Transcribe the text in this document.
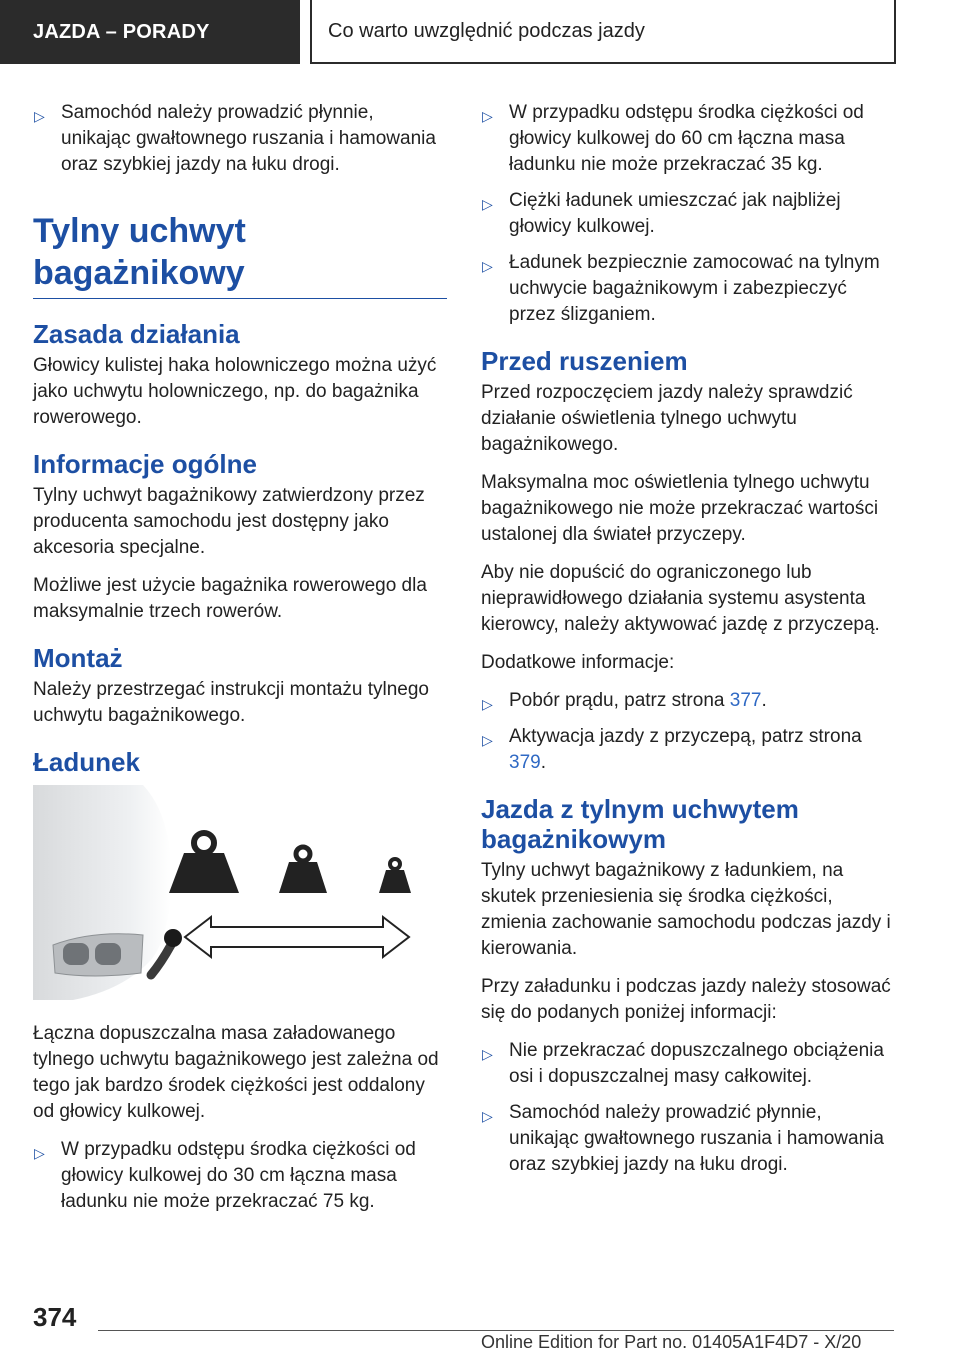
JAZDA – PORADY	Co warto uwzględnić podczas jazdy
▷ Samochód należy prowadzić płynnie, unikając gwałtownego ruszania i hamowania oraz szybkiej jazdy na łuku drogi.
Tylny uchwyt bagażnikowy
Zasada działania

Głowicy kulistej haka holowniczego można użyć jako uchwytu holowniczego, np. do bagażnika rowerowego.

Informacje ogólne

Tylny uchwyt bagażnikowy zatwierdzony przez producenta samochodu jest dostępny jako akcesoria specjalne.

Możliwe jest użycie bagażnika rowerowego dla maksymalnie trzech rowerów.

Montaż

Należy przestrzegać instrukcji montażu tylnego uchwytu bagażnikowego.

Ładunek

Łączna dopuszczalna masa załadowanego tylnego uchwytu bagażnikowego jest zależna od tego jak bardzo środek ciężkości jest oddalony od głowicy kulkowej.

▷ W przypadku odstępu środka ciężkości od głowicy kulkowej do 30 cm łączna masa ładunku nie może przekraczać 75 kg.
▷ W przypadku odstępu środka ciężkości od głowicy kulkowej do 60 cm łączna masa ładunku nie może przekraczać 35 kg.
▷ Ciężki ładunek umieszczać jak najbliżej głowicy kulkowej.
▷ Ładunek bezpiecznie zamocować na tylnym uchwycie bagażnikowym i zabezpieczyć przez ślizganiem.
Przed ruszeniem

Przed rozpoczęciem jazdy należy sprawdzić działanie oświetlenia tylnego uchwytu bagażnikowego.

Maksymalna moc oświetlenia tylnego uchwytu bagażnikowego nie może przekraczać wartości ustalonej dla świateł przyczepy.

Aby nie dopuścić do ograniczonego lub nieprawidłowego działania systemu asystenta kierowcy, należy aktywować jazdę z przyczepą.

Dodatkowe informacje:

▷ Pobór prądu, patrz strona 377.
▷ Aktywacja jazdy z przyczepą, patrz strona 379.
Jazda z tylnym uchwytem bagażnikowym

Tylny uchwyt bagażnikowy z ładunkiem, na skutek przeniesienia się środka ciężkości, zmienia zachowanie samochodu podczas jazdy i kierowania.

Przy załadunku i podczas jazdy należy stosować się do podanych poniżej informacji:

▷ Nie przekraczać dopuszczalnego obciążenia osi i dopuszczalnej masy całkowitej.
▷ Samochód należy prowadzić płynnie, unikając gwałtownego ruszania i hamowania oraz szybkiej jazdy na łuku drogi.
374
Online Edition for Part no. 01405A1F4D7 - X/20
